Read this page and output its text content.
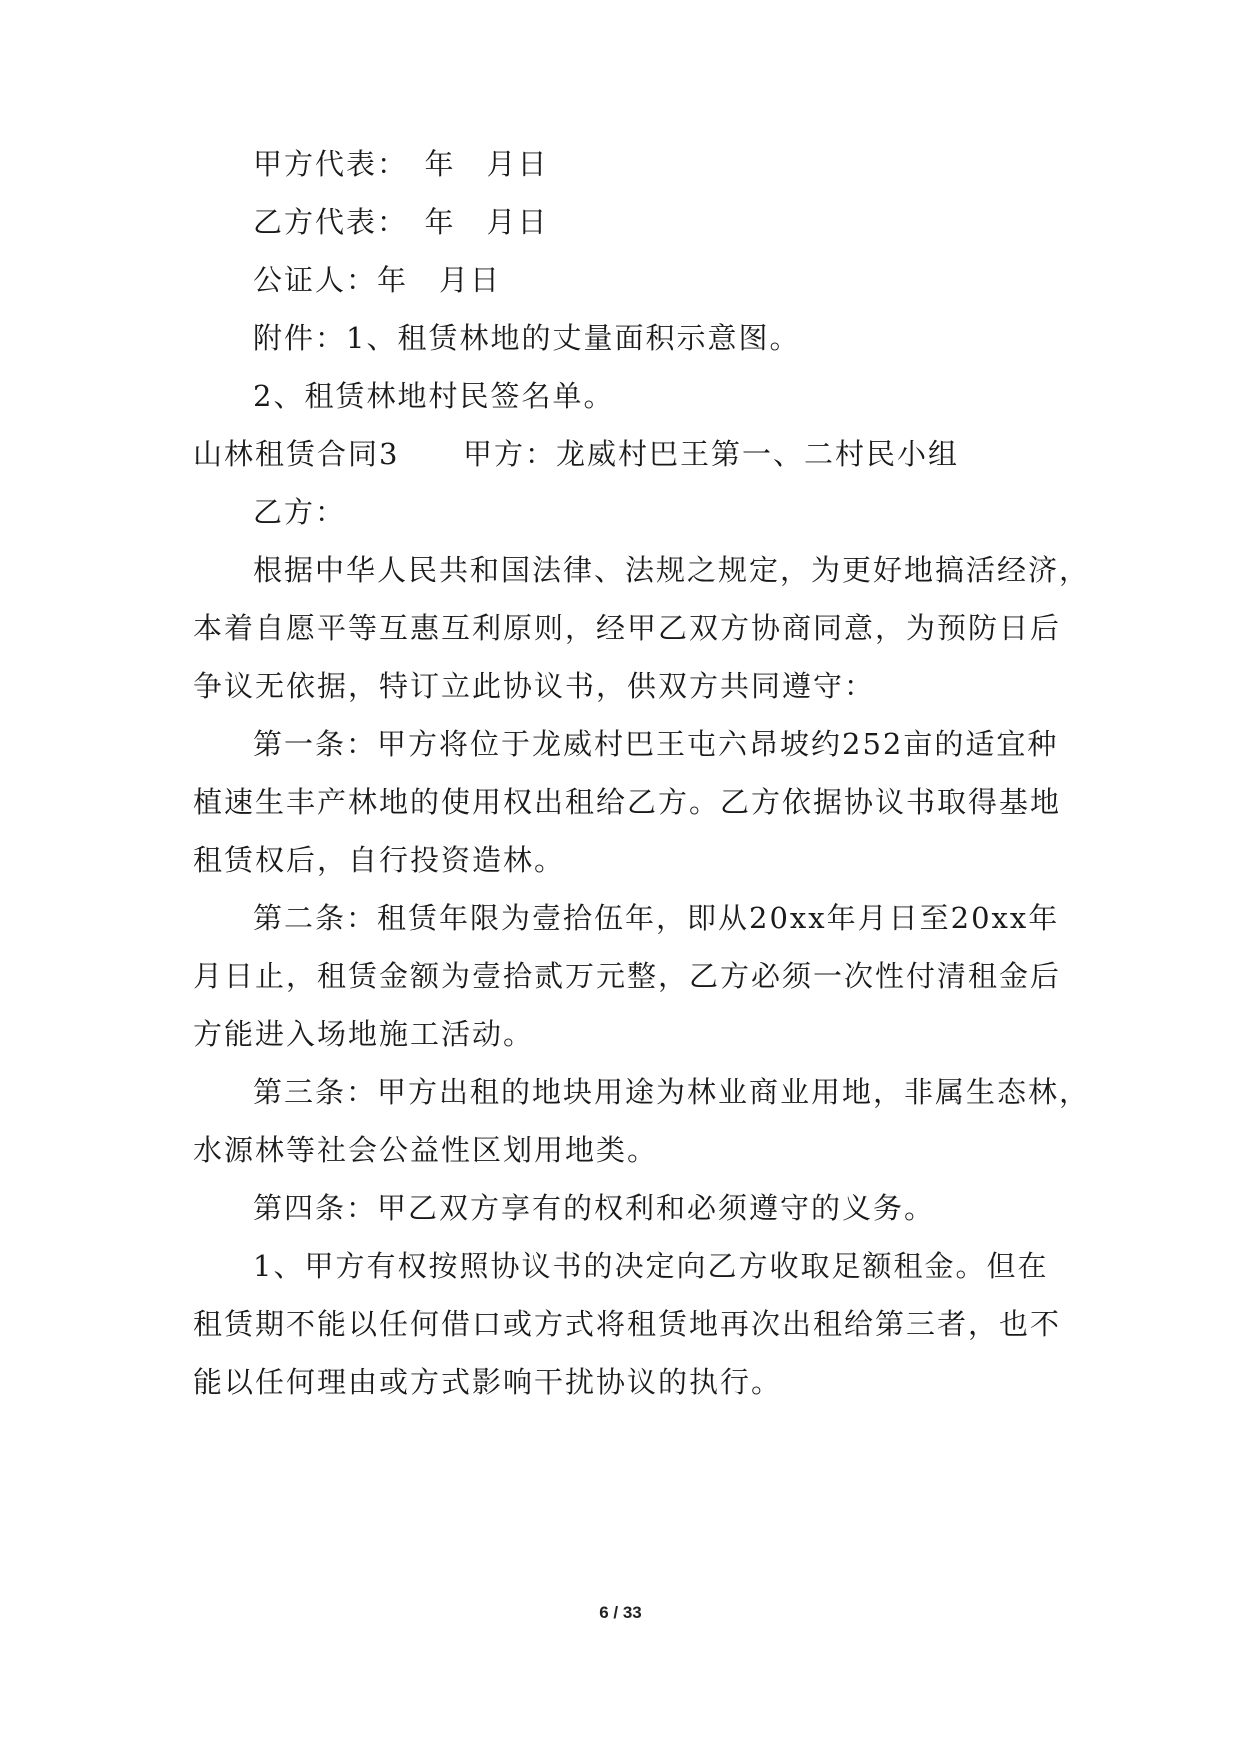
甲方代表：　年　月日
乙方代表：　年　月日
公证人：年　月日
附件：1、租赁林地的丈量面积示意图。
2、租赁林地村民签名单。
山林租赁合同3 甲方：龙威村巴王第一、二村民小组
乙方：
根据中华人民共和国法律、法规之规定，为更好地搞活经济，
本着自愿平等互惠互利原则，经甲乙双方协商同意，为预防日后
争议无依据，特订立此协议书，供双方共同遵守：
第一条：甲方将位于龙威村巴王屯六昂坡约252亩的适宜种
植速生丰产林地的使用权出租给乙方。乙方依据协议书取得基地
租赁权后，自行投资造林。
第二条：租赁年限为壹拾伍年，即从20xx年月日至20xx年
月日止，租赁金额为壹拾贰万元整，乙方必须一次性付清租金后
方能进入场地施工活动。
第三条：甲方出租的地块用途为林业商业用地，非属生态林，
水源林等社会公益性区划用地类。
第四条：甲乙双方享有的权利和必须遵守的义务。
1、甲方有权按照协议书的决定向乙方收取足额租金。但在
租赁期不能以任何借口或方式将租赁地再次出租给第三者，也不
能以任何理由或方式影响干扰协议的执行。
6 / 33
